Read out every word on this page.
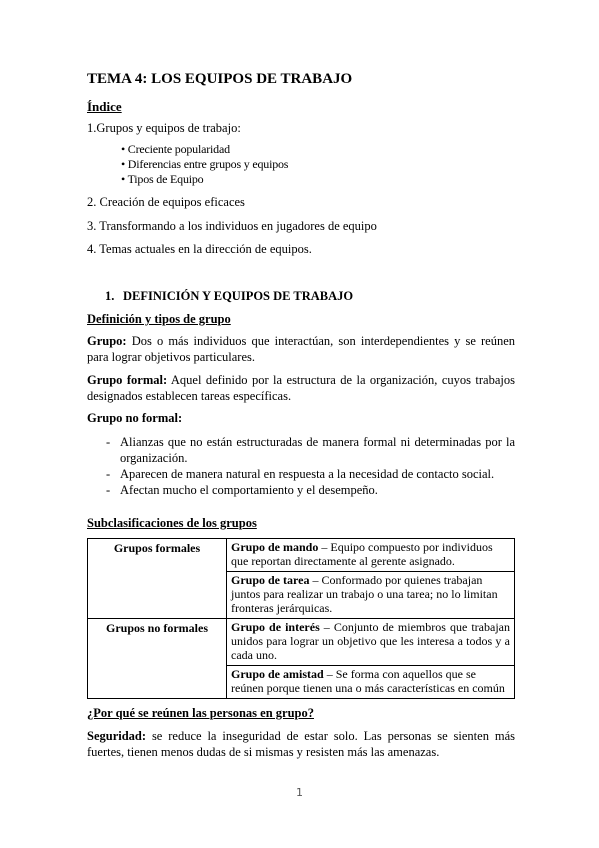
TEMA 4: LOS EQUIPOS DE TRABAJO
Índice
1.Grupos y equipos de trabajo:
• Creciente popularidad
• Diferencias entre grupos y equipos
• Tipos de Equipo
2. Creación de equipos eficaces
3. Transformando a los individuos en jugadores de equipo
4. Temas actuales en la dirección de equipos.
1. DEFINICIÓN Y EQUIPOS DE TRABAJO
Definición y tipos de grupo
Grupo: Dos o más individuos que interactúan, son interdependientes y se reúnen para lograr objetivos particulares.
Grupo formal: Aquel definido por la estructura de la organización, cuyos trabajos designados establecen tareas específicas.
Grupo no formal:
- Alianzas que no están estructuradas de manera formal ni determinadas por la organización.
- Aparecen de manera natural en respuesta a la necesidad de contacto social.
- Afectan mucho el comportamiento y el desempeño.
Subclasificaciones de los grupos
Grupos formales	Grupo de mando – Equipo compuesto por individuos que reportan directamente al gerente asignado.
	Grupo de tarea – Conformado por quienes trabajan juntos para realizar un trabajo o una tarea; no lo limitan fronteras jerárquicas.
Grupos no formales	Grupo de interés – Conjunto de miembros que trabajan unidos para lograr un objetivo que les interesa a todos y a cada uno.
	Grupo de amistad – Se forma con aquellos que se reúnen porque tienen una o más características en común
¿Por qué se reúnen las personas en grupo?
Seguridad: se reduce la inseguridad de estar solo. Las personas se sienten más fuertes, tienen menos dudas de si mismas y resisten más las amenazas.
1
